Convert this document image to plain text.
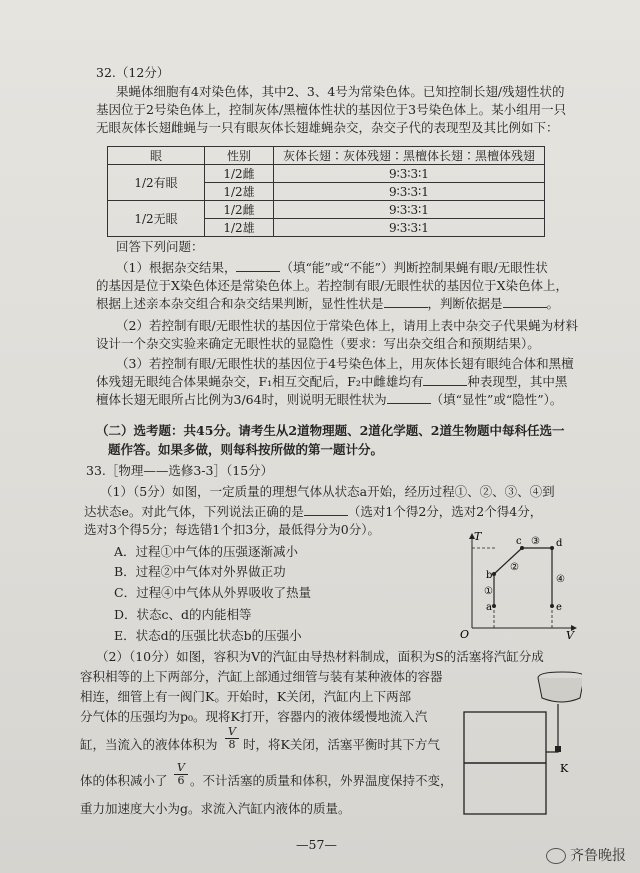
32.（12分）
果蝇体细胞有4对染色体，其中2、3、4号为常染色体。已知控制长翅/残翅性状的
基因位于2号染色体上，控制灰体/黑檀体性状的基因位于3号染色体上。某小组用一只
无眼灰体长翅雌蝇与一只有眼灰体长翅雄蝇杂交，杂交子代的表现型及其比例如下：
眼	性别	灰体长翅∶灰体残翅∶黑檀体长翅∶黑檀体残翅
1/2有眼	1/2雌	9∶3∶3∶1
	1/2雄	9∶3∶3∶1
1/2无眼	1/2雌	9∶3∶3∶1
	1/2雄	9∶3∶3∶1
回答下列问题：
（1）根据杂交结果，	（填“能”或“不能”）判断控制果蝇有眼/无眼性状
的基因是位于X染色体还是常染色体上。若控制有眼/无眼性状的基因位于X染色体上，
根据上述亲本杂交组合和杂交结果判断，显性性状是	，判断依据是	。
（2）若控制有眼/无眼性状的基因位于常染色体上，请用上表中杂交子代果蝇为材料
设计一个杂交实验来确定无眼性状的显隐性（要求：写出杂交组合和预期结果）。
（3）若控制有眼/无眼性状的基因位于4号染色体上，用灰体长翅有眼纯合体和黑檀
体残翅无眼纯合体果蝇杂交，F₁相互交配后，F₂中雌雄均有	种表现型，其中黑
檀体长翅无眼所占比例为3/64时，则说明无眼性状为	（填“显性”或“隐性”）。
（二）选考题：共45分。请考生从2道物理题、2道化学题、2道生物题中每科任选一
题作答。如果多做，则每科按所做的第一题计分。
33.［物理——选修3-3］（15分）
（1）（5分）如图，一定质量的理想气体从状态a开始，经历过程①、②、③、④到
达状态e。对此气体，下列说法正确的是	（选对1个得2分，选对2个得4分，
选对3个得5分；每选错1个扣3分，最低得分为0分）。
A．过程①中气体的压强逐渐减小
B．过程②中气体对外界做正功
C．过程④中气体从外界吸收了热量
D．状态c、d的内能相等
E．状态d的压强比状态b的压强小
T
V
O
a
b
c	d
e
①
②
③
④
（2）（10分）如图，容积为V的汽缸由导热材料制成，面积为S的活塞将汽缸分成
容积相等的上下两部分，汽缸上部通过细管与装有某种液体的容器
相连，细管上有一阀门K。开始时，K关闭，汽缸内上下两部
分气体的压强均为p₀。现将K打开，容器内的液体缓慢地流入汽
缸，当流入的液体体积为 $\frac{V}{8}$ 时，将K关闭，活塞平衡时其下方气
体的体积减小了 $\frac{V}{6}$ 。不计活塞的质量和体积，外界温度保持不变，
重力加速度大小为g。求流入汽缸内液体的质量。
K
—57—
齐鲁晚报
